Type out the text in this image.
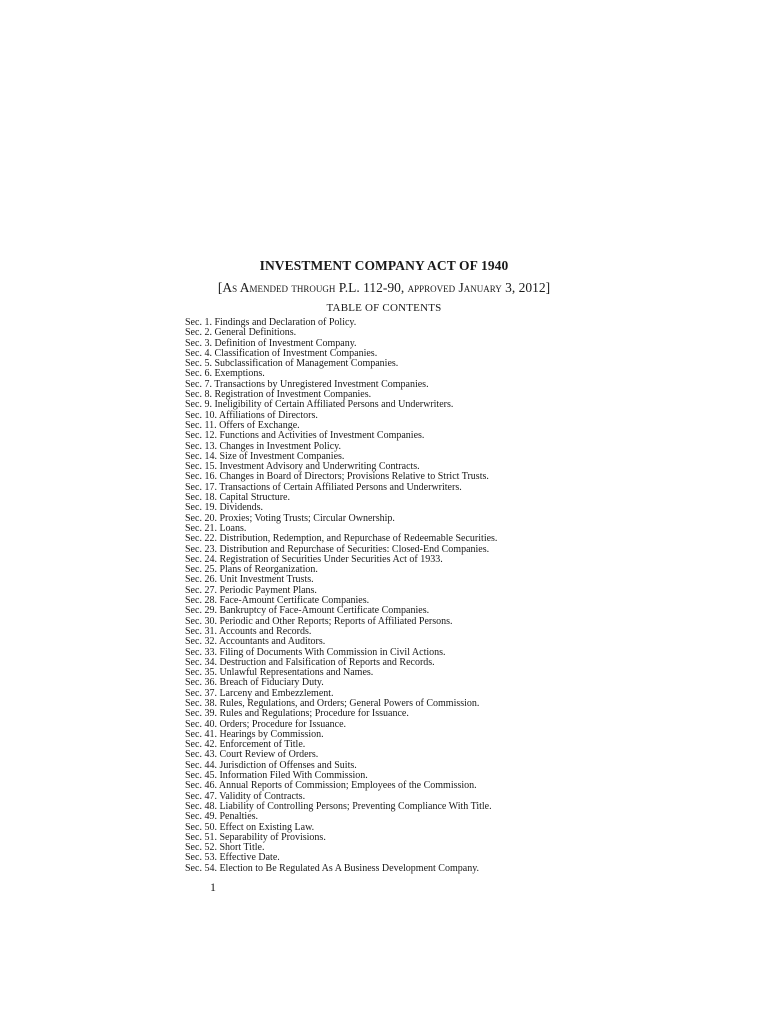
INVESTMENT COMPANY ACT OF 1940
[As Amended through P.L. 112-90, approved January 3, 2012]
TABLE OF CONTENTS
Sec. 1. Findings and Declaration of Policy.
Sec. 2. General Definitions.
Sec. 3. Definition of Investment Company.
Sec. 4. Classification of Investment Companies.
Sec. 5. Subclassification of Management Companies.
Sec. 6. Exemptions.
Sec. 7. Transactions by Unregistered Investment Companies.
Sec. 8. Registration of Investment Companies.
Sec. 9. Ineligibility of Certain Affiliated Persons and Underwriters.
Sec. 10. Affiliations of Directors.
Sec. 11. Offers of Exchange.
Sec. 12. Functions and Activities of Investment Companies.
Sec. 13. Changes in Investment Policy.
Sec. 14. Size of Investment Companies.
Sec. 15. Investment Advisory and Underwriting Contracts.
Sec. 16. Changes in Board of Directors; Provisions Relative to Strict Trusts.
Sec. 17. Transactions of Certain Affiliated Persons and Underwriters.
Sec. 18. Capital Structure.
Sec. 19. Dividends.
Sec. 20. Proxies; Voting Trusts; Circular Ownership.
Sec. 21. Loans.
Sec. 22. Distribution, Redemption, and Repurchase of Redeemable Securities.
Sec. 23. Distribution and Repurchase of Securities: Closed-End Companies.
Sec. 24. Registration of Securities Under Securities Act of 1933.
Sec. 25. Plans of Reorganization.
Sec. 26. Unit Investment Trusts.
Sec. 27. Periodic Payment Plans.
Sec. 28. Face-Amount Certificate Companies.
Sec. 29. Bankruptcy of Face-Amount Certificate Companies.
Sec. 30. Periodic and Other Reports; Reports of Affiliated Persons.
Sec. 31. Accounts and Records.
Sec. 32. Accountants and Auditors.
Sec. 33. Filing of Documents With Commission in Civil Actions.
Sec. 34. Destruction and Falsification of Reports and Records.
Sec. 35. Unlawful Representations and Names.
Sec. 36. Breach of Fiduciary Duty.
Sec. 37. Larceny and Embezzlement.
Sec. 38. Rules, Regulations, and Orders; General Powers of Commission.
Sec. 39. Rules and Regulations; Procedure for Issuance.
Sec. 40. Orders; Procedure for Issuance.
Sec. 41. Hearings by Commission.
Sec. 42. Enforcement of Title.
Sec. 43. Court Review of Orders.
Sec. 44. Jurisdiction of Offenses and Suits.
Sec. 45. Information Filed With Commission.
Sec. 46. Annual Reports of Commission; Employees of the Commission.
Sec. 47. Validity of Contracts.
Sec. 48. Liability of Controlling Persons; Preventing Compliance With Title.
Sec. 49. Penalties.
Sec. 50. Effect on Existing Law.
Sec. 51. Separability of Provisions.
Sec. 52. Short Title.
Sec. 53. Effective Date.
Sec. 54. Election to Be Regulated As A Business Development Company.
1
